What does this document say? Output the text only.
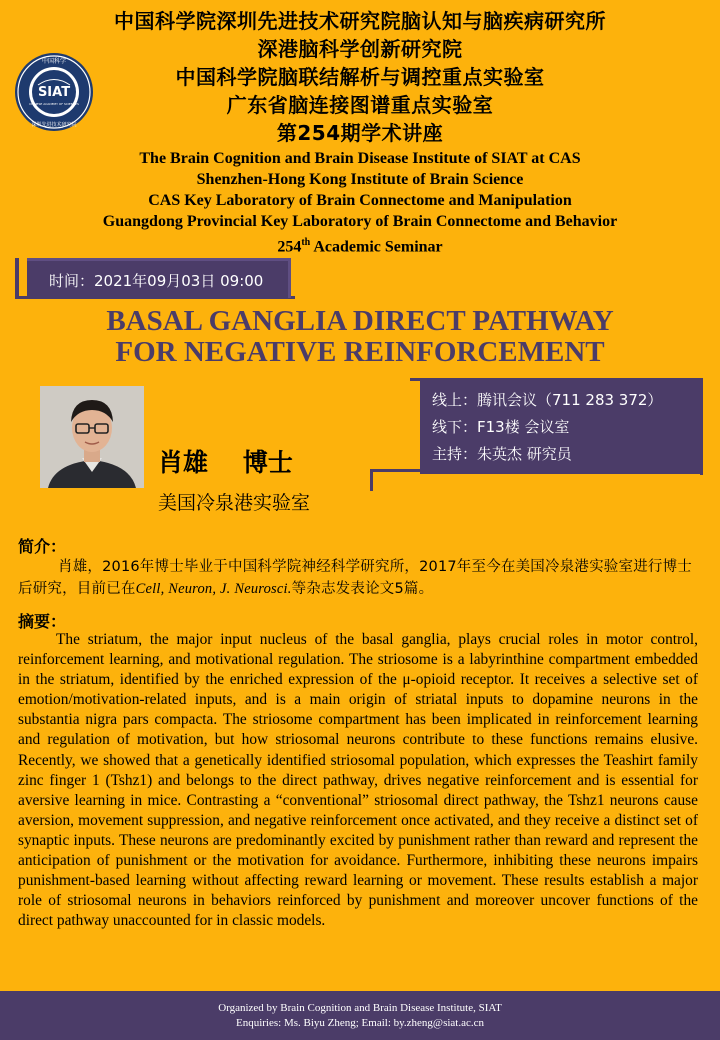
SIAT
CHINESE ACADEMY OF SCIENCES
中国科学
深圳先进技术研究院
中国科学院深圳先进技术研究院脑认知与脑疾病研究所
深港脑科学创新研究院
中国科学院脑联结解析与调控重点实验室
广东省脑连接图谱重点实验室
第254期学术讲座
The Brain Cognition and Brain Disease Institute of SIAT at CAS
Shenzhen-Hong Kong Institute of Brain Science
CAS Key Laboratory of Brain Connectome and Manipulation
Guangdong Provincial Key Laboratory of Brain Connectome and Behavior
254th Academic Seminar
时间：2021年09月03日 09:00
BASAL GANGLIA DIRECT PATHWAY
FOR NEGATIVE REINFORCEMENT
肖雄    博士
美国冷泉港实验室
线上：腾讯会议（711 283 372）
线下：F13楼 会议室
主持：朱英杰 研究员
简介：
肖雄，2016年博士毕业于中国科学院神经科学研究所，2017年至今在美国冷泉港实验室进行博士后研究，目前已在Cell, Neuron, J. Neurosci.等杂志发表论文5篇。
摘要：
The striatum, the major input nucleus of the basal ganglia, plays crucial roles in motor control, reinforcement learning, and motivational regulation. The striosome is a labyrinthine compartment embedded in the striatum, identified by the enriched expression of the μ-opioid receptor. It receives a selective set of emotion/motivation-related inputs, and is a main origin of striatal inputs to dopamine neurons in the substantia nigra pars compacta. The striosome compartment has been implicated in reinforcement learning and regulation of motivation, but how striosomal neurons contribute to these functions remains elusive. Recently, we showed that a genetically identified striosomal population, which expresses the Teashirt family zinc finger 1 (Tshz1) and belongs to the direct pathway, drives negative reinforcement and is essential for aversive learning in mice. Contrasting a “conventional” striosomal direct pathway, the Tshz1 neurons cause aversion, movement suppression, and negative reinforcement once activated, and they receive a distinct set of synaptic inputs. These neurons are predominantly excited by punishment rather than reward and represent the anticipation of punishment or the motivation for avoidance. Furthermore, inhibiting these neurons impairs punishment-based learning without affecting reward learning or movement. These results establish a major role of striosomal neurons in behaviors reinforced by punishment and moreover uncover functions of the direct pathway unaccounted for in classic models.
Organized by Brain Cognition and Brain Disease Institute, SIAT
Enquiries: Ms. Biyu Zheng; Email: by.zheng@siat.ac.cn
